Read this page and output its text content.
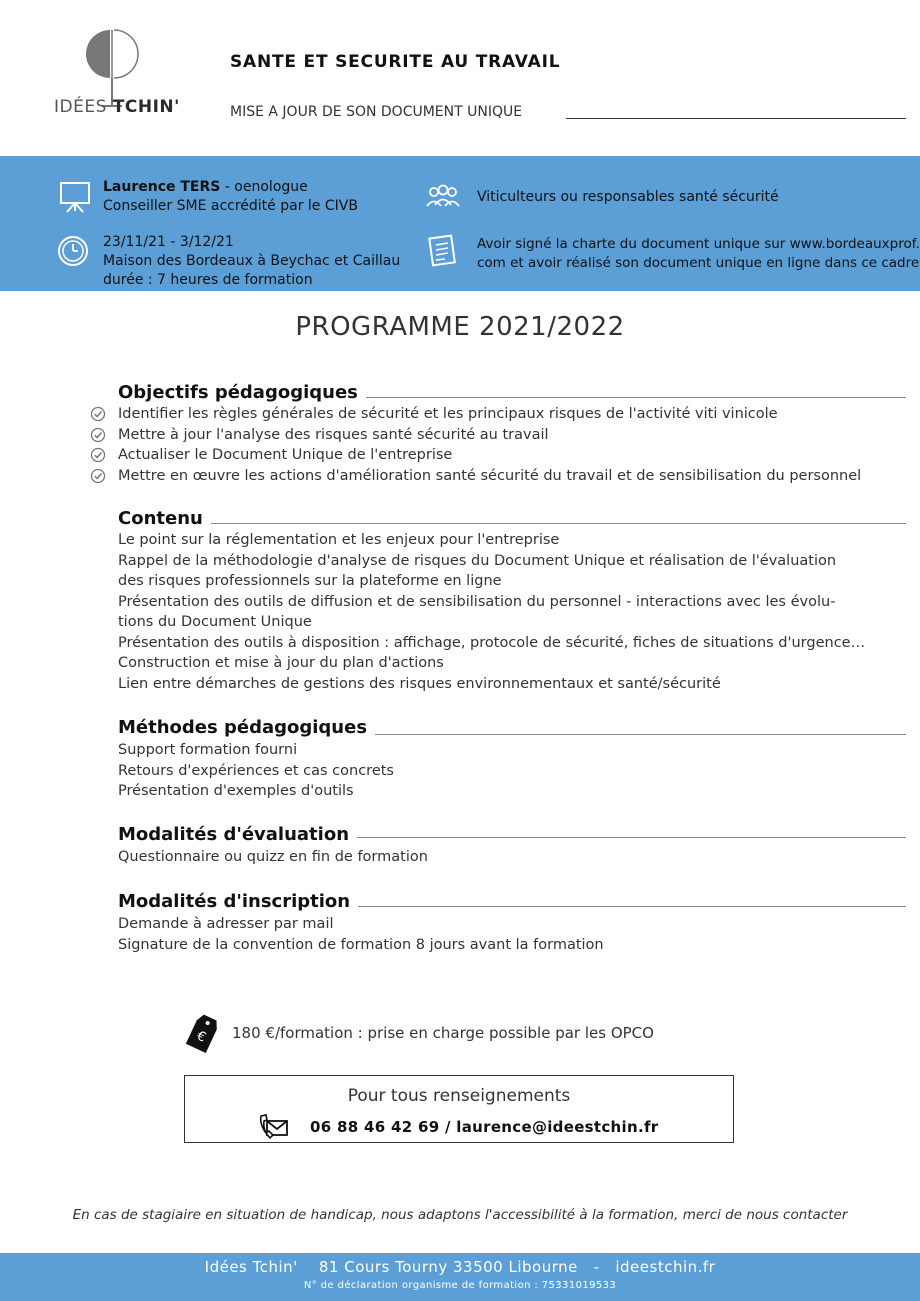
IDÉES TCHIN'
SANTE ET SECURITE AU TRAVAIL
MISE A JOUR DE SON DOCUMENT UNIQUE
Laurence TERS - oenologue
Conseiller SME accrédité par le CIVB
23/11/21 - 3/12/21
Maison des Bordeaux à Beychac et Caillau
durée : 7 heures de formation
Viticulteurs ou responsables santé sécurité
Avoir signé la charte du document unique sur www.bordeauxprof.
com et avoir réalisé son document unique en ligne dans ce cadre
PROGRAMME 2021/2022
Objectifs pédagogiques
Identifier les règles générales de sécurité et les principaux risques de l'activité viti vinicole
Mettre à jour l'analyse des risques santé sécurité au travail
Actualiser le Document Unique de l'entreprise
Mettre en œuvre les actions d'amélioration santé sécurité du travail et de sensibilisation du personnel
Contenu
Le point sur la réglementation et les enjeux pour l'entreprise
Rappel de la méthodologie d'analyse de risques du Document Unique et réalisation de l'évaluation
des risques professionnels sur la plateforme en ligne
Présentation des outils de diffusion et de sensibilisation du personnel - interactions avec les évolu-
tions du Document Unique
Présentation des outils à disposition : affichage, protocole de sécurité, fiches de situations d'urgence…
Construction et mise à jour du plan d'actions
Lien entre démarches de gestions des risques environnementaux et santé/sécurité
Méthodes pédagogiques
Support formation fourni
Retours d'expériences et cas concrets
Présentation d'exemples d'outils
Modalités d'évaluation
Questionnaire ou quizz en fin de formation
Modalités d'inscription
Demande à adresser par mail
Signature de la convention de formation 8 jours avant la formation
€ 180 €/formation : prise en charge possible par les OPCO
Pour tous renseignements
06 88 46 42 69 / laurence@ideestchin.fr
En cas de stagiaire en situation de handicap, nous adaptons l'accessibilité à la formation, merci de nous contacter
Idées Tchin'    81 Cours Tourny 33500 Libourne   -   ideestchin.fr
N° de déclaration organisme de formation : 75331019533
